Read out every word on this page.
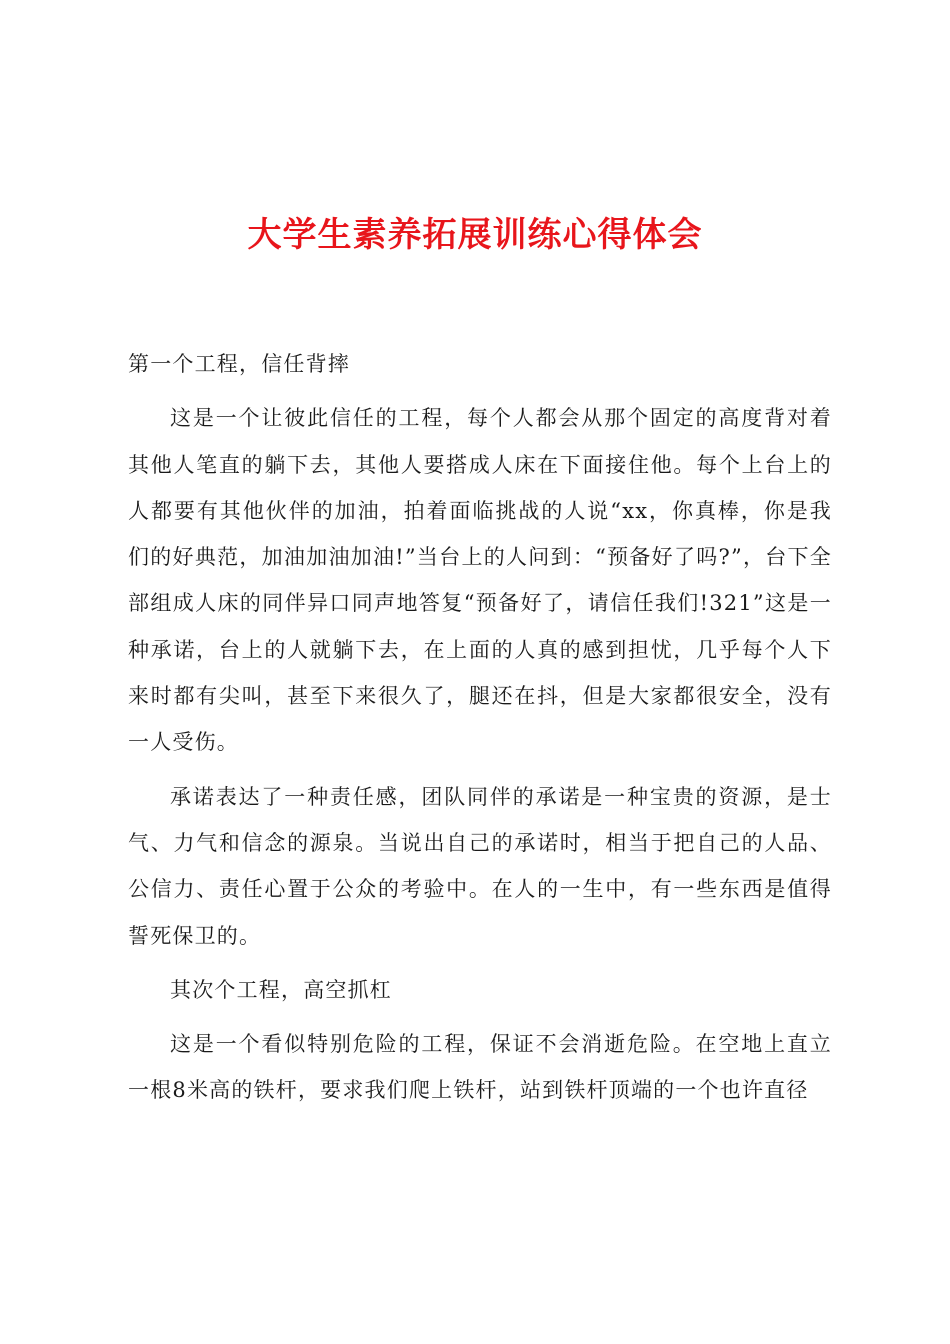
大学生素养拓展训练心得体会

第一个工程，信任背摔

这是一个让彼此信任的工程，每个人都会从那个固定的高度背对着其他人笔直的躺下去，其他人要搭成人床在下面接住他。每个上台上的人都要有其他伙伴的加油，拍着面临挑战的人说“xx，你真棒，你是我们的好典范，加油加油加油!”当台上的人问到：“预备好了吗?”，台下全部组成人床的同伴异口同声地答复“预备好了，请信任我们!321”这是一种承诺，台上的人就躺下去，在上面的人真的感到担忧，几乎每个人下来时都有尖叫，甚至下来很久了，腿还在抖，但是大家都很安全，没有一人受伤。

承诺表达了一种责任感，团队同伴的承诺是一种宝贵的资源，是士气、力气和信念的源泉。当说出自己的承诺时，相当于把自己的人品、公信力、责任心置于公众的考验中。在人的一生中，有一些东西是值得誓死保卫的。

其次个工程，高空抓杠

这是一个看似特别危险的工程，保证不会消逝危险。在空地上直立一根8米高的铁杆，要求我们爬上铁杆，站到铁杆顶端的一个也许直径
